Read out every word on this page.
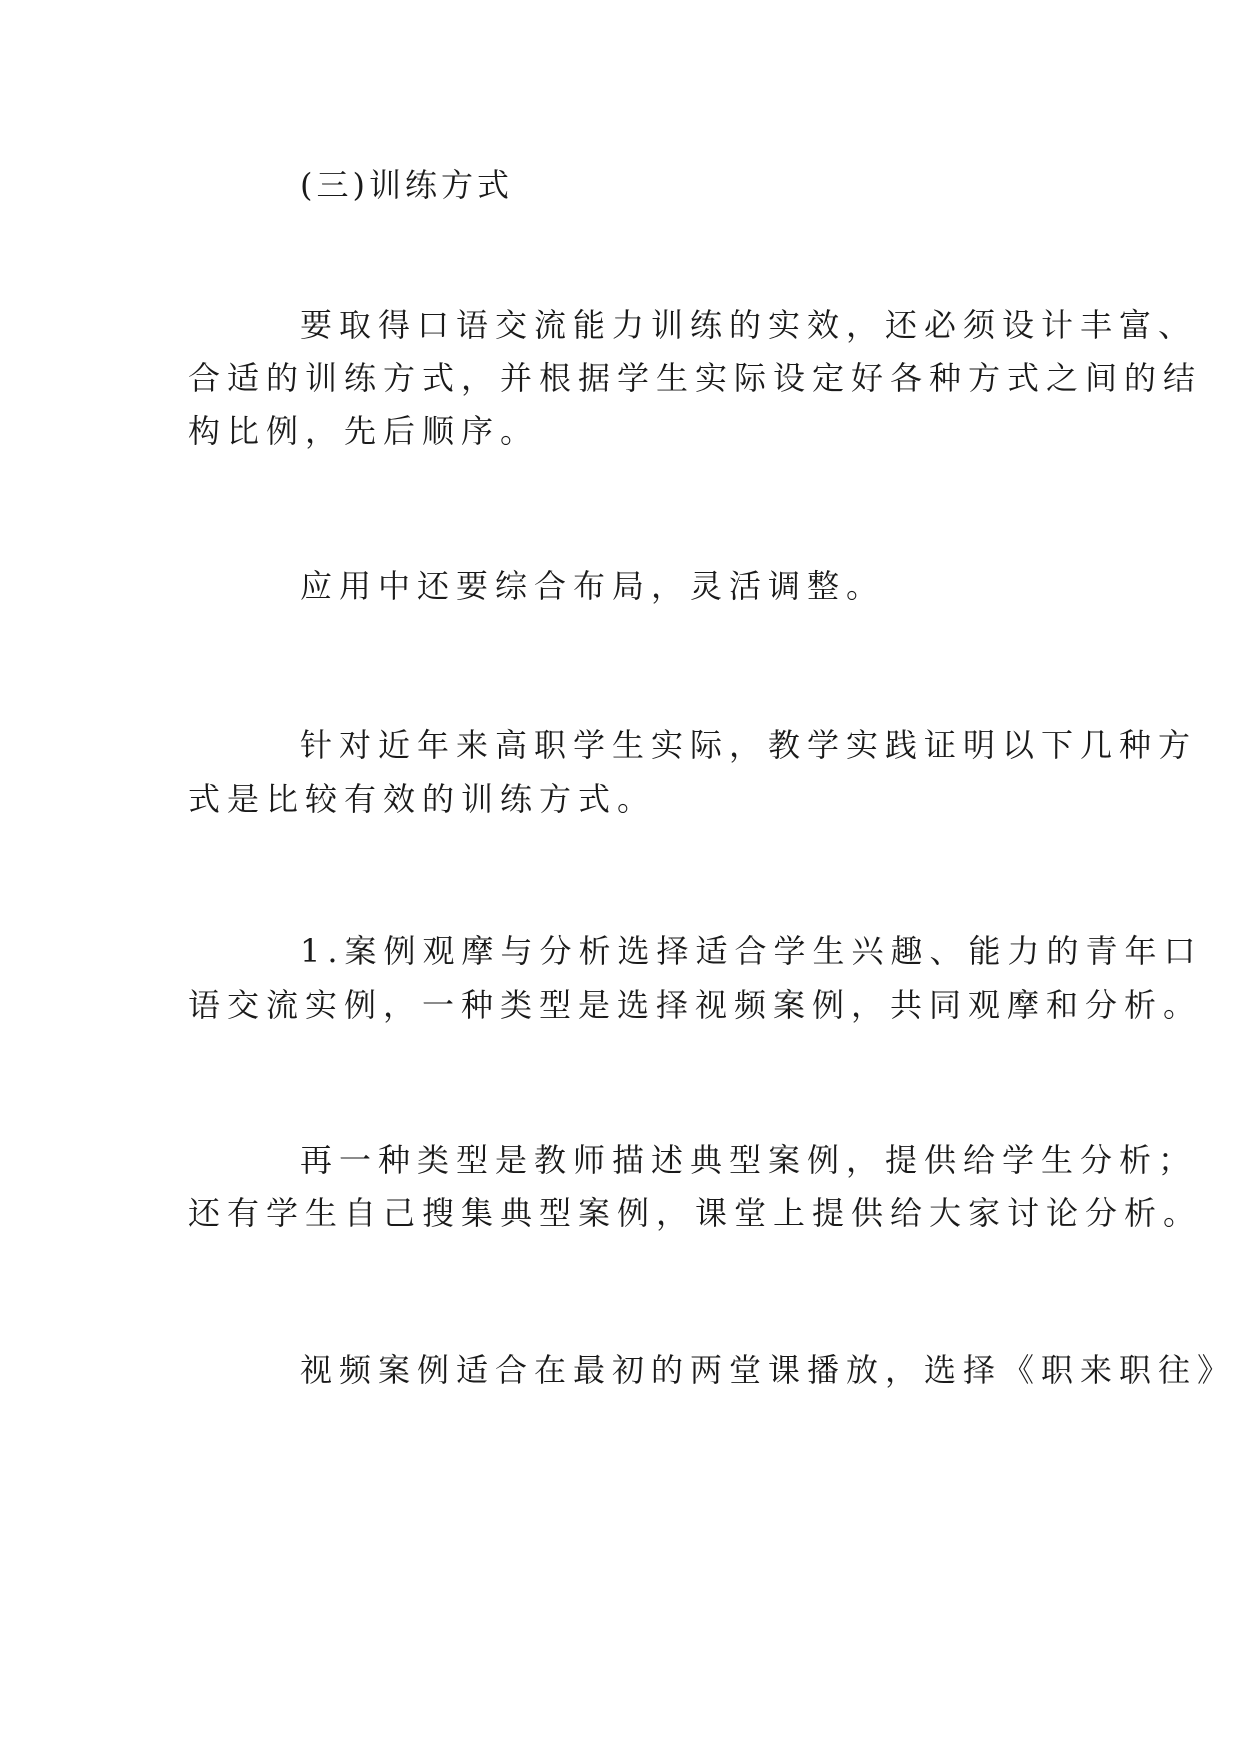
(三)训练方式
要取得口语交流能力训练的实效，还必须设计丰富、
合适的训练方式，并根据学生实际设定好各种方式之间的结
构比例，先后顺序。
应用中还要综合布局，灵活调整。
针对近年来高职学生实际，教学实践证明以下几种方
式是比较有效的训练方式。
1.案例观摩与分析选择适合学生兴趣、能力的青年口
语交流实例，一种类型是选择视频案例，共同观摩和分析。
再一种类型是教师描述典型案例，提供给学生分析；
还有学生自己搜集典型案例，课堂上提供给大家讨论分析。
视频案例适合在最初的两堂课播放，选择《职来职往》
